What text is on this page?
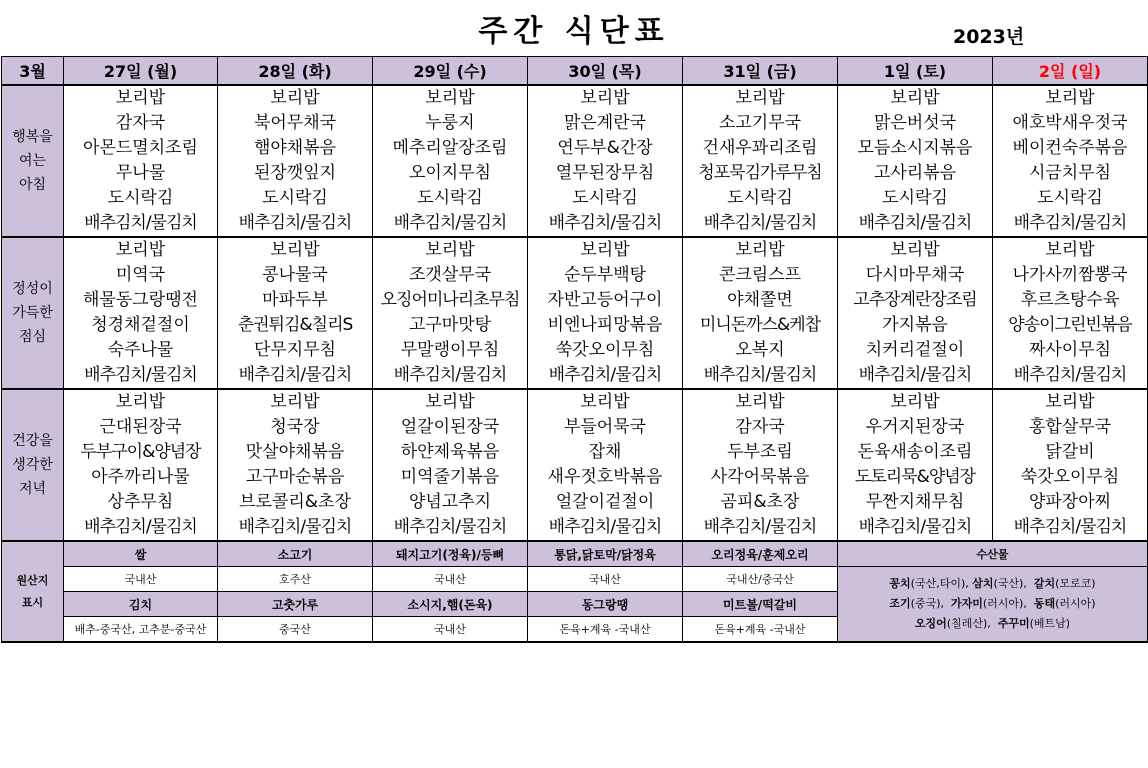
주간 식단표	2023년
3월	27일 (월)	28일 (화)	29일 (수)	30일 (목)	31일 (금)	1일 (토)	2일 (일)
행복을 여는 아침	보리밥	보리밥	보리밥	보리밥	보리밥	보리밥	보리밥
	감자국	북어무채국	누룽지	맑은계란국	소고기무국	맑은버섯국	애호박새우젓국
	아몬드멸치조림	햄야채볶음	메추리알장조림	연두부&간장	건새우꽈리조림	모듬소시지볶음	베이컨숙주볶음
	무나물	된장깻잎지	오이지무침	열무된장무침	청포묵김가루무침	고사리볶음	시금치무침
	도시락김	도시락김	도시락김	도시락김	도시락김	도시락김	도시락김
	배추김치/물김치	배추김치/물김치	배추김치/물김치	배추김치/물김치	배추김치/물김치	배추김치/물김치	배추김치/물김치
정성이 가득한 점심	보리밥	보리밥	보리밥	보리밥	보리밥	보리밥	보리밥
	미역국	콩나물국	조갯살무국	순두부백탕	콘크림스프	다시마무채국	나가사끼짬뽕국
	해물동그랑땡전	마파두부	오징어미나리초무침	자반고등어구이	야채쫄면	고추장계란장조림	후르츠탕수육
	청경채겉절이	춘권튀김&칠리S	고구마맛탕	비엔나피망볶음	미니돈까스&케찹	가지볶음	양송이그린빈볶음
	숙주나물	단무지무침	무말랭이무침	쑥갓오이무침	오복지	치커리겉절이	짜사이무침
	배추김치/물김치	배추김치/물김치	배추김치/물김치	배추김치/물김치	배추김치/물김치	배추김치/물김치	배추김치/물김치
건강을 생각한 저녁	보리밥	보리밥	보리밥	보리밥	보리밥	보리밥	보리밥
	근대된장국	청국장	얼갈이된장국	부들어묵국	감자국	우거지된장국	홍합살무국
	두부구이&양념장	맛살야채볶음	하얀제육볶음	잡채	두부조림	돈육새송이조림	닭갈비
	아주까리나물	고구마순볶음	미역줄기볶음	새우젓호박볶음	사각어묵볶음	도토리묵&양념장	쑥갓오이무침
	상추무침	브로콜리&초장	양념고추지	얼갈이겉절이	곰피&초장	무짠지채무침	양파장아찌
	배추김치/물김치	배추김치/물김치	배추김치/물김치	배추김치/물김치	배추김치/물김치	배추김치/물김치	배추김치/물김치
원산지 표시	쌀	소고기	돼지고기(정육)/등뼈	통닭,닭토막/닭정육	오리정육/훈제오리	수산물	
	국내산	호주산	국내산	국내산	국내산/중국산	꽁치(국산,타이), 삼치(국산),  갈치(모로코)
조기(중국),  가자미(러시아),  동태(러시아)
오징어(칠레산),  주꾸미(베트남)	

	김치	고춧가루	소시지,햄(돈육)	동그랑땡	미트볼/떡갈비		
	배추-중국산, 고추분-중국산	중국산	국내산	돈육+계육 -국내산	돈육+계육 -국내산		
